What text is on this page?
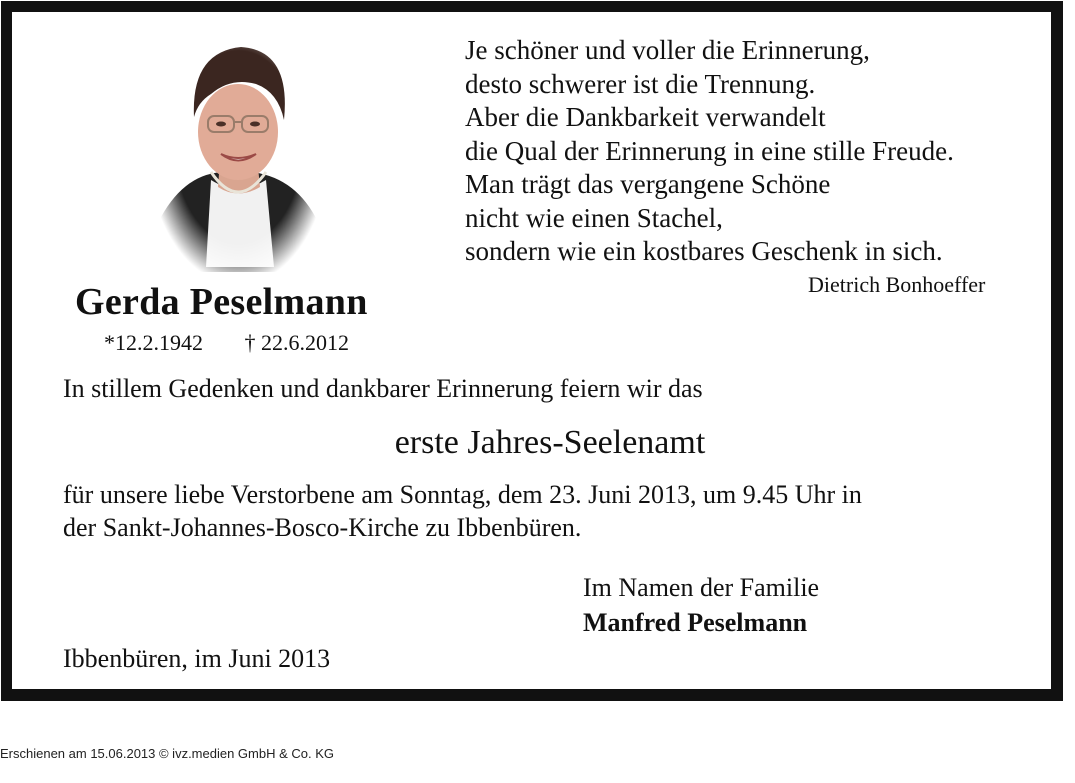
Gerda Peselmann
*12.2.1942 † 22.6.2012
Je schöner und voller die Erinnerung,
desto schwerer ist die Trennung.
Aber die Dankbarkeit verwandelt
die Qual der Erinnerung in eine stille Freude.
Man trägt das vergangene Schöne
nicht wie einen Stachel,
sondern wie ein kostbares Geschenk in sich.
Dietrich Bonhoeffer
In stillem Gedenken und dankbarer Erinnerung feiern wir das
erste Jahres-Seelenamt
für unsere liebe Verstorbene am Sonntag, dem 23. Juni 2013, um 9.45 Uhr in
der Sankt-Johannes-Bosco-Kirche zu Ibbenbüren.
Im Namen der Familie
Manfred Peselmann
Ibbenbüren, im Juni 2013
Erschienen am 15.06.2013 © ivz.medien GmbH & Co. KG
